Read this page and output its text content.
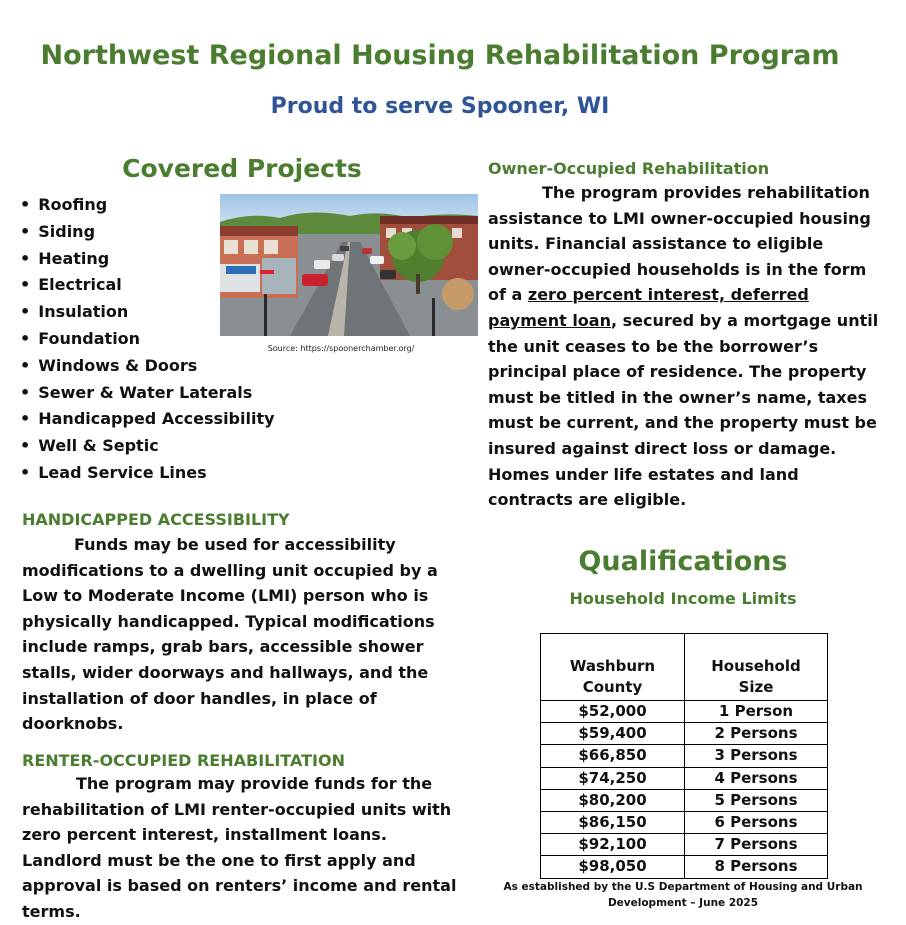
Northwest Regional Housing Rehabilitation Program
Proud to serve Spooner, WI
Covered Projects
• Roofing
• Siding
• Heating
• Electrical
• Insulation
• Foundation
• Windows & Doors
• Sewer & Water Laterals
• Handicapped Accessibility
• Well & Septic
• Lead Service Lines
Source: https://spoonerchamber.org/
HANDICAPPED ACCESSIBILITY

Funds may be used for accessibility modifications to a dwelling unit occupied by a Low to Moderate Income (LMI) person who is physically handicapped. Typical modifications include ramps, grab bars, accessible shower stalls, wider doorways and hallways, and the installation of door handles, in place of doorknobs.

RENTER-OCCUPIED REHABILITATION

The program may provide funds for the rehabilitation of LMI renter-occupied units with zero percent interest, installment loans. Landlord must be the one to first apply and approval is based on renters’ income and rental terms.

Owner-Occupied Rehabilitation

The program provides rehabilitation assistance to LMI owner-occupied housing units. Financial assistance to eligible owner-occupied households is in the form of a zero percent interest, deferred payment loan, secured by a mortgage until the unit ceases to be the borrower’s principal place of residence. The property must be titled in the owner’s name, taxes must be current, and the property must be insured against direct loss or damage. Homes under life estates and land contracts are eligible.

Qualifications
Household Income Limits
Washburn County	Household Size
$52,000	1 Person
$59,400	2 Persons
$66,850	3 Persons
$74,250	4 Persons
$80,200	5 Persons
$86,150	6 Persons
$92,100	7 Persons
$98,050	8 Persons
As established by the U.S Department of Housing and Urban Development – June 2025
